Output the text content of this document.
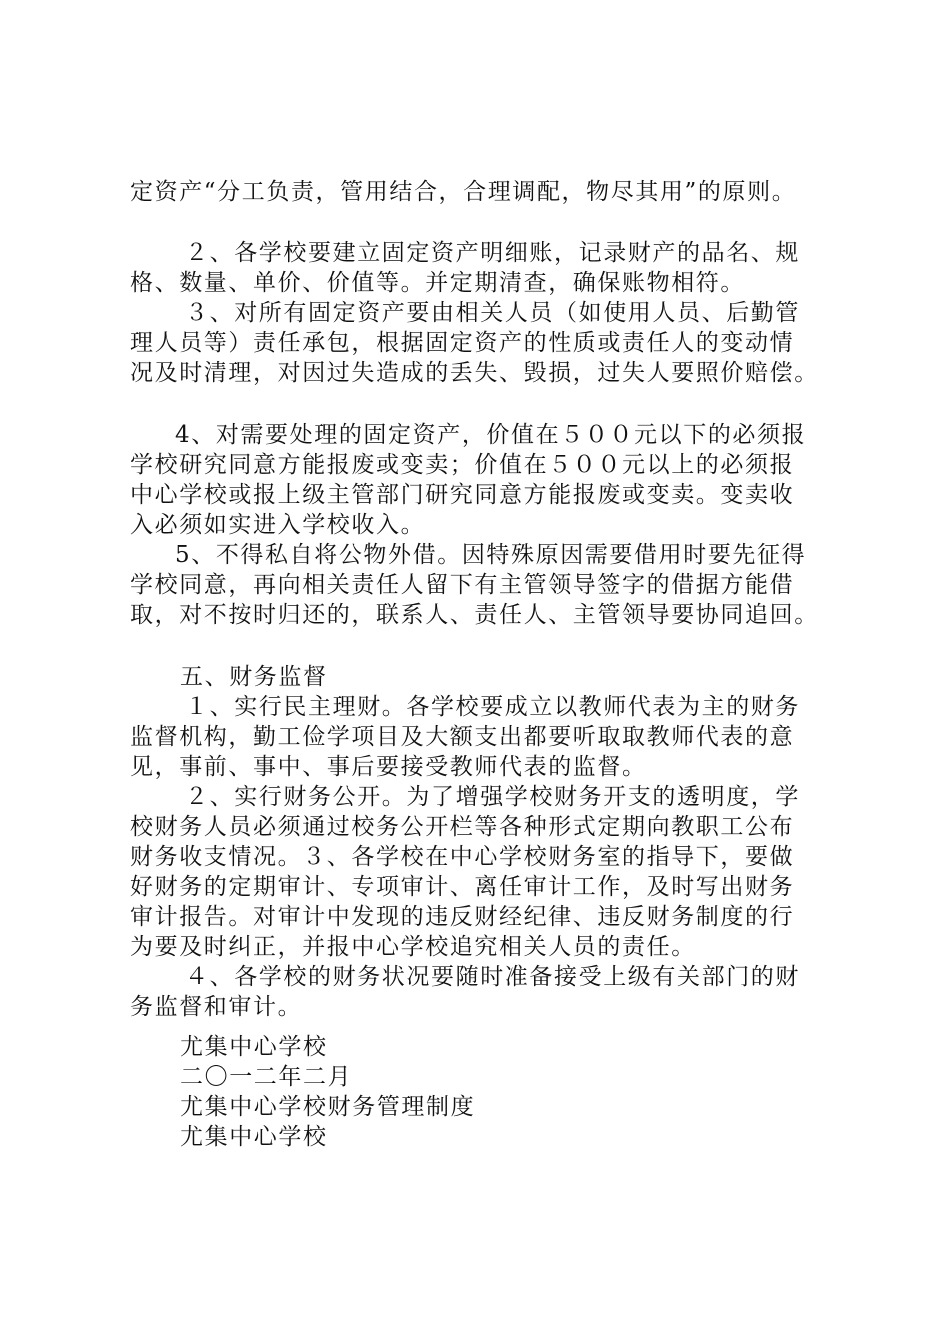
定资产“分工负责，管用结合，合理调配，物尽其用”的原则。
２、各学校要建立固定资产明细账，记录财产的品名、规
格、数量、单价、价值等。并定期清查，确保账物相符。
３、对所有固定资产要由相关人员（如使用人员、后勤管
理人员等）责任承包，根据固定资产的性质或责任人的变动情
况及时清理，对因过失造成的丢失、毁损，过失人要照价赔偿。
4、对需要处理的固定资产，价值在５００元以下的必须报
学校研究同意方能报废或变卖；价值在５００元以上的必须报
中心学校或报上级主管部门研究同意方能报废或变卖。变卖收
入必须如实进入学校收入。
5、不得私自将公物外借。因特殊原因需要借用时要先征得
学校同意，再向相关责任人留下有主管领导签字的借据方能借
取，对不按时归还的，联系人、责任人、主管领导要协同追回。
五、财务监督
１、实行民主理财。各学校要成立以教师代表为主的财务
监督机构，勤工俭学项目及大额支出都要听取取教师代表的意
见，事前、事中、事后要接受教师代表的监督。
２、实行财务公开。为了增强学校财务开支的透明度，学
校财务人员必须通过校务公开栏等各种形式定期向教职工公布
财务收支情况。３、各学校在中心学校财务室的指导下，要做
好财务的定期审计、专项审计、离任审计工作，及时写出财务
审计报告。对审计中发现的违反财经纪律、违反财务制度的行
为要及时纠正，并报中心学校追究相关人员的责任。
４、各学校的财务状况要随时准备接受上级有关部门的财
务监督和审计。
尤集中心学校
二〇一二年二月
尤集中心学校财务管理制度
尤集中心学校
